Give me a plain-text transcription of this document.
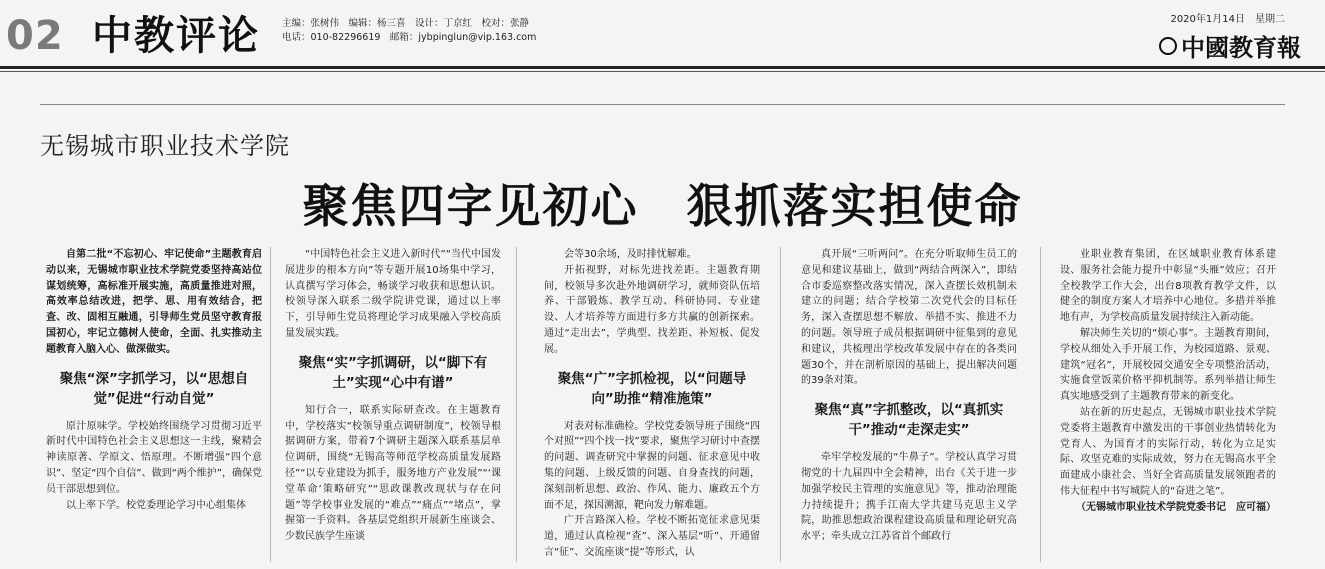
02 中教评论 主编：张树伟　编辑：杨三喜　设计：丁京红　校对：张静
电话：010-82296619　邮箱：jybpinglun@vip.163.com
2020年1月14日　星期二
中國教育報
无锡城市职业技术学院
聚焦四字见初心　狠抓落实担使命

自第二批“不忘初心、牢记使命”主题教育启动以来，无锡城市职业技术学院党委坚持高站位谋划统筹，高标准开展实施，高质量推进对照，高效率总结改进，把学、思、用有效结合，把查、改、固相互融通，引导师生党员坚守教育报国初心，牢记立德树人使命，全面、扎实推动主题教育入脑入心、做深做实。

聚焦“深”字抓学习，以“思想自觉”促进“行动自觉”

原汁原味学。学校始终围绕学习贯彻习近平新时代中国特色社会主义思想这一主线，聚精会神读原著、学原文、悟原理。不断增强“四个意识”、坚定“四个自信”、做到“两个维护”，确保党员干部思想到位。

以上率下学。校党委理论学习中心组集体

“中国特色社会主义进入新时代”“当代中国发展进步的根本方向”等专题开展10场集中学习，认真撰写学习体会，畅谈学习收获和思想认识。校领导深入联系二级学院讲党课，通过以上率下，引导师生党员将理论学习成果融入学校高质量发展实践。

聚焦“实”字抓调研，以“脚下有土”实现“心中有谱”

知行合一，联系实际研查改。在主题教育中，学校落实“校领导重点调研制度”，校领导根据调研方案，带着7个调研主题深入联系基层单位调研，围绕“无锡高等师范学校高质量发展路径”“以专业建设为抓手，服务地方产业发展”“‘课堂革命’策略研究”“思政课教改现状与存在问题”等学校事业发展的“难点”“痛点”“堵点”，掌握第一手资料。各基层党组织开展新生座谈会、少数民族学生座谈

会等30余场，及时排忧解难。

开拓视野，对标先进找差距。主题教育期间，校领导多次赴外地调研学习，就师资队伍培养、干部锻炼、教学互动、科研协同、专业建设、人才培养等方面进行多方共赢的创新探索。通过“走出去”，学典型、找差距、补短板、促发展。

聚焦“广”字抓检视，以“问题导向”助推“精准施策”

对表对标准确检。学校党委领导班子围绕“四个对照”“四个找一找”要求，聚焦学习研讨中查摆的问题、调查研究中掌握的问题、征求意见中收集的问题、上级反馈的问题、自身查找的问题，深刻剖析思想、政治、作风、能力、廉政五个方面不足，探因溯源，靶向发力解难题。

广开言路深入检。学校不断拓宽征求意见渠道，通过认真检视“查”、深入基层“听”、开通留言“征”、交流座谈“提”等形式，认

真开展“三听两问”。在充分听取师生员工的意见和建议基础上，做到“两结合两深入”，即结合市委巡察整改落实情况，深入查摆长效机制未建立的问题；结合学校第二次党代会的目标任务，深入查摆思想不解放、举措不实、推进不力的问题。领导班子成员根据调研中征集到的意见和建议，共梳理出学校改革发展中存在的各类问题30个，并在剖析原因的基础上，提出解决问题的39条对策。

聚焦“真”字抓整改，以“真抓实干”推动“走深走实”

牵牢学校发展的“牛鼻子”。学校认真学习贯彻党的十九届四中全会精神，出台《关于进一步加强学校民主管理的实施意见》等，推动治理能力持续提升；携手江南大学共建马克思主义学院，助推思想政治课程建设高质量和理论研究高水平；牵头成立江苏省首个邮政行

业职业教育集团，在区域职业教育体系建设、服务社会能力提升中彰显“头雁”效应；召开全校教学工作大会，出台8项教育教学文件，以健全的制度方案人才培养中心地位。多措并举推地有声，为学校高质量发展持续注入新动能。

解决师生关切的“烦心事”。主题教育期间，学校从细处入手开展工作，为校园道路、景观、建筑“冠名”，开展校园交通安全专项整治活动，实施食堂饭菜价格平抑机制等。系列举措让师生真实地感受到了主题教育带来的新变化。

站在新的历史起点，无锡城市职业技术学院党委将主题教育中激发出的干事创业热情转化为党育人、为国育才的实际行动，转化为立足实际、攻坚克难的实际成效，努力在无锡高水平全面建成小康社会、当好全省高质量发展领跑者的伟大征程中书写城院人的“奋进之笔”。

（无锡城市职业技术学院党委书记　应可福）
